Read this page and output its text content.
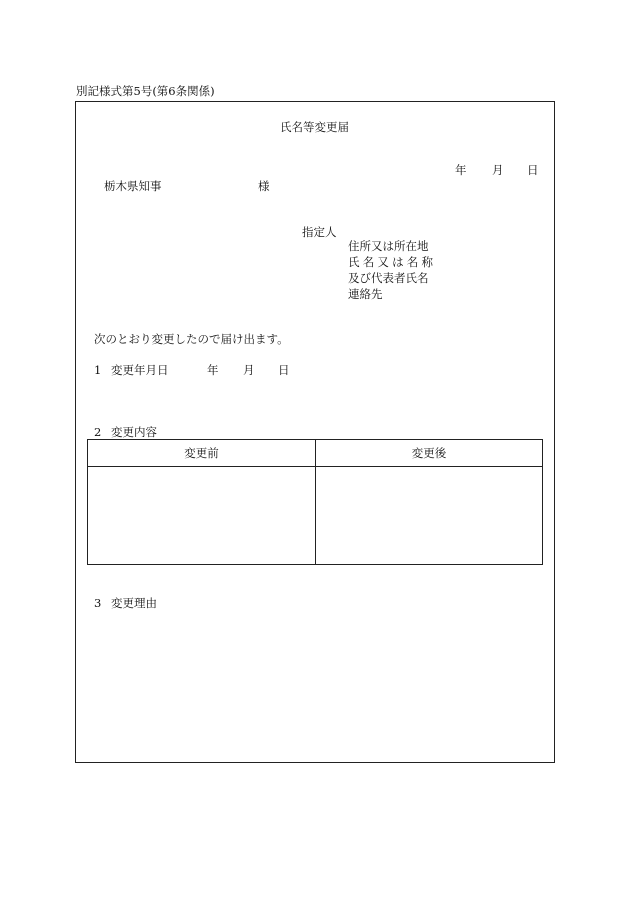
別記様式第5号(第6条関係)
氏名等変更届
年 月 日
栃木県知事	様
指定人
住所又は所在地
氏名又は名称
及び代表者氏名
連絡先
次のとおり変更したので届け出ます。
1 変更年月日	年 月 日
2 変更内容
変更前	変更後
3 変更理由
